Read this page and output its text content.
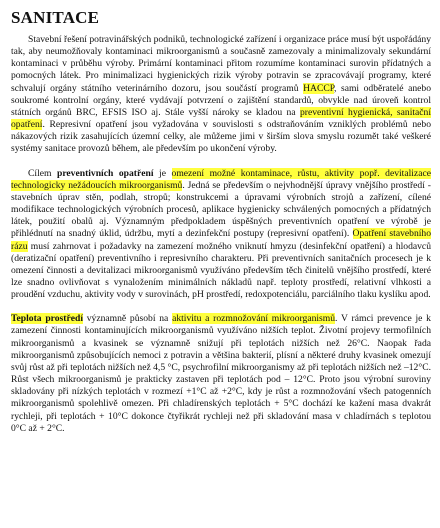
SANITACE

Stavební řešení potravinářských podniků, technologické zařízení i organizace práce musí být uspořádány tak, aby neumožňovaly kontaminaci mikroorganismů a současně zamezovaly a minimalizovaly sekundární kontaminaci v průběhu výroby. Primární kontaminaci přitom rozumíme kontaminaci surovin přídatných a pomocných látek. Pro minimalizaci hygienických rizik výroby potravin se zpracovávají programy, které schvalují orgány státního veterinárního dozoru, jsou součástí programů HACCP, sami odběratelé anebo soukromé kontrolní orgány, které vydávají potvrzení o zajištění standardů, obvykle nad úroveň kontrol státních orgánů BRC, EFSIS ISO aj. Stále vyšší nároky se kladou na preventivní hygienická, sanitační opatření. Represivní opatření jsou vyžadována v souvislosti s odstraňováním vzniklých problémů nebo nákazových rizik zasahujících územní celky, ale můžeme jimi v širším slova smyslu rozumět také veškeré systémy sanitace provozů během, ale především po ukončení výroby.

Cílem preventivních opatření je omezení možné kontaminace, růstu, aktivity popř. devitalizace technologicky nežádoucích mikroorganismů. Jedná se především o nejvhodnější úpravy vnějšího prostředí - stavebních úprav stěn, podlah, stropů; konstrukcemi a úpravami výrobních strojů a zařízení, cílené modifikace technologických výrobních procesů, aplikace hygienicky schválených pomocných a přídatných látek, použití obalů aj. Významným předpokladem úspěšných preventivních opatření ve výrobě je přihlédnutí na snadný úklid, údržbu, mytí a dezinfekční postupy (represivní opatření). Opatření stavebního rázu musí zahrnovat i požadavky na zamezení možného vniknutí hmyzu (desinfekční opatření) a hlodavců (deratizační opatření) preventivního i represivního charakteru. Při preventivních sanitačních procesech je k omezení činnosti a devitalizaci mikroorganismů využíváno především těch činitelů vnějšího prostředí, které lze snadno ovlivňovat s vynaložením minimálních nákladů např. teploty prostředí, relativní vlhkosti a proudění vzduchu, aktivity vody v surovinách, pH prostředí, redoxpotenciálu, parciálního tlaku kyslíku apod.

Teplota prostředí významně působí na aktivitu a rozmnožování mikroorganismů. V rámci prevence je k zamezení činnosti kontaminujících mikroorganismů využíváno nižších teplot. Životní projevy termofilních mikroorganismů a kvasinek se významně snižují při teplotách nižších než 26°C. Naopak řada mikroorganismů způsobujících nemoci z potravin a většina bakterií, plísní a některé druhy kvasinek omezují svůj růst až při teplotách nižších než 4,5 °C, psychrofilní mikroorganismy až při teplotách nižších než –12°C. Růst všech mikroorganismů je prakticky zastaven při teplotách pod – 12°C. Proto jsou výrobní suroviny skladovány při nízkých teplotách v rozmezí +1°C až +2°C, kdy je růst a rozmnožování všech patogenních mikroorganismů spolehlivě omezen. Při chladírenských teplotách + 5°C dochází ke kažení masa dvakrát rychleji, při teplotách + 10°C dokonce čtyřikrát rychleji než při skladování masa v chladírnách s teplotou 0°C až + 2°C.
